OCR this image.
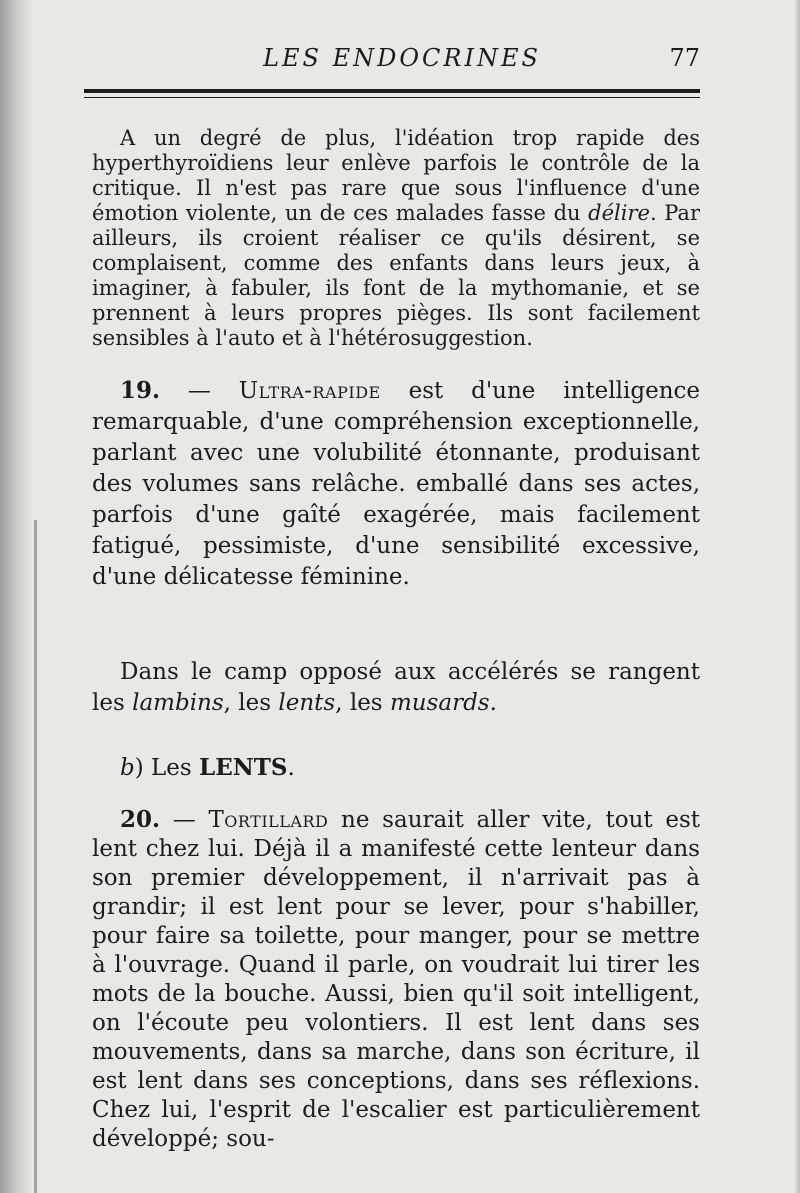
LES ENDOCRINES	77

A un degré de plus, l'idéation trop rapide des hyperthyroïdiens leur enlève parfois le contrôle de la critique. Il n'est pas rare que sous l'influence d'une émotion violente, un de ces malades fasse du délire. Par ailleurs, ils croient réaliser ce qu'ils désirent, se complaisent, comme des enfants dans leurs jeux, à imaginer, à fabuler, ils font de la mythomanie, et se prennent à leurs propres pièges. Ils sont facilement sensibles à l'auto et à l'hétérosuggestion.

19. — Ultra-rapide est d'une intelligence remarquable, d'une compréhension exceptionnelle, parlant avec une volubilité étonnante, produisant des volumes sans relâche. emballé dans ses actes, parfois d'une gaîté exagérée, mais facilement fatigué, pessimiste, d'une sensibilité excessive, d'une délicatesse féminine.

Dans le camp opposé aux accélérés se rangent les lambins, les lents, les musards.

b) Les LENTS.

20. — Tortillard ne saurait aller vite, tout est lent chez lui. Déjà il a manifesté cette lenteur dans son premier développement, il n'arrivait pas à grandir; il est lent pour se lever, pour s'habiller, pour faire sa toilette, pour manger, pour se mettre à l'ouvrage. Quand il parle, on voudrait lui tirer les mots de la bouche. Aussi, bien qu'il soit intelligent, on l'écoute peu volontiers. Il est lent dans ses mouvements, dans sa marche, dans son écriture, il est lent dans ses conceptions, dans ses réflexions. Chez lui, l'esprit de l'escalier est particulièrement développé; sou-
